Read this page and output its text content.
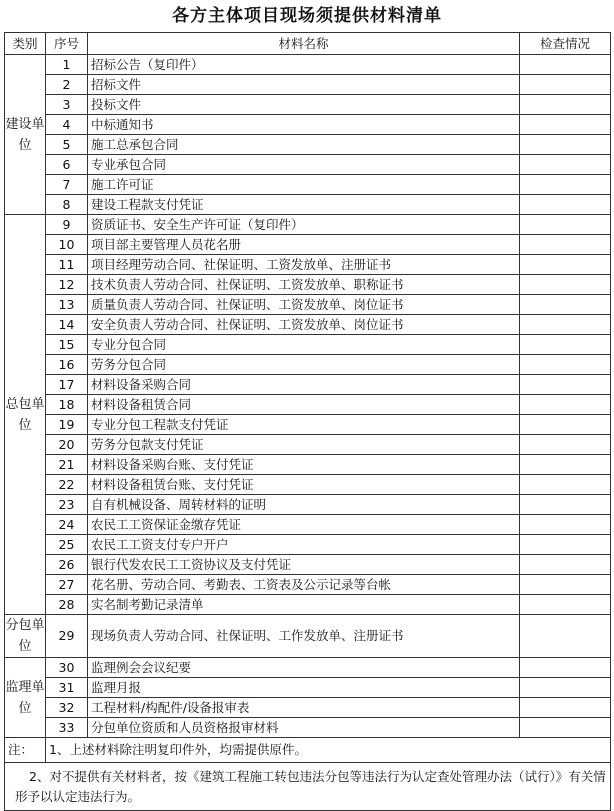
各方主体项目现场须提供材料清单
类别	序号	材料名称	检查情况
建设单位	1	招标公告（复印件）	
	2	招标文件	
	3	投标文件	
	4	中标通知书	
	5	施工总承包合同	
	6	专业承包合同	
	7	施工许可证	
	8	建设工程款支付凭证	
总包单位	9	资质证书、安全生产许可证（复印件）	
	10	项目部主要管理人员花名册	
	11	项目经理劳动合同、社保证明、工资发放单、注册证书	
	12	技术负责人劳动合同、社保证明、工资发放单、职称证书	
	13	质量负责人劳动合同、社保证明、工资发放单、岗位证书	
	14	安全负责人劳动合同、社保证明、工资发放单、岗位证书	
	15	专业分包合同	
	16	劳务分包合同	
	17	材料设备采购合同	
	18	材料设备租赁合同	
	19	专业分包工程款支付凭证	
	20	劳务分包款支付凭证	
	21	材料设备采购台账、支付凭证	
	22	材料设备租赁台账、支付凭证	
	23	自有机械设备、周转材料的证明	
	24	农民工工资保证金缴存凭证	
	25	农民工工资支付专户开户	
	26	银行代发农民工工资协议及支付凭证	
	27	花名册、劳动合同、考勤表、工资表及公示记录等台帐	
	28	实名制考勤记录清单	
分包单位	29	现场负责人劳动合同、社保证明、工作发放单、注册证书	
监理单位	30	监理例会会议纪要	
	31	监理月报	
	32	工程材料/构配件/设备报审表	
	33	分包单位资质和人员资格报审材料	
注：	1、上述材料除注明复印件外，均需提供原件。		
2、对不提供有关材料者，按《建筑工程施工转包违法分包等违法行为认定查处管理办法（试行）》有关情形予以认定违法行为。			
